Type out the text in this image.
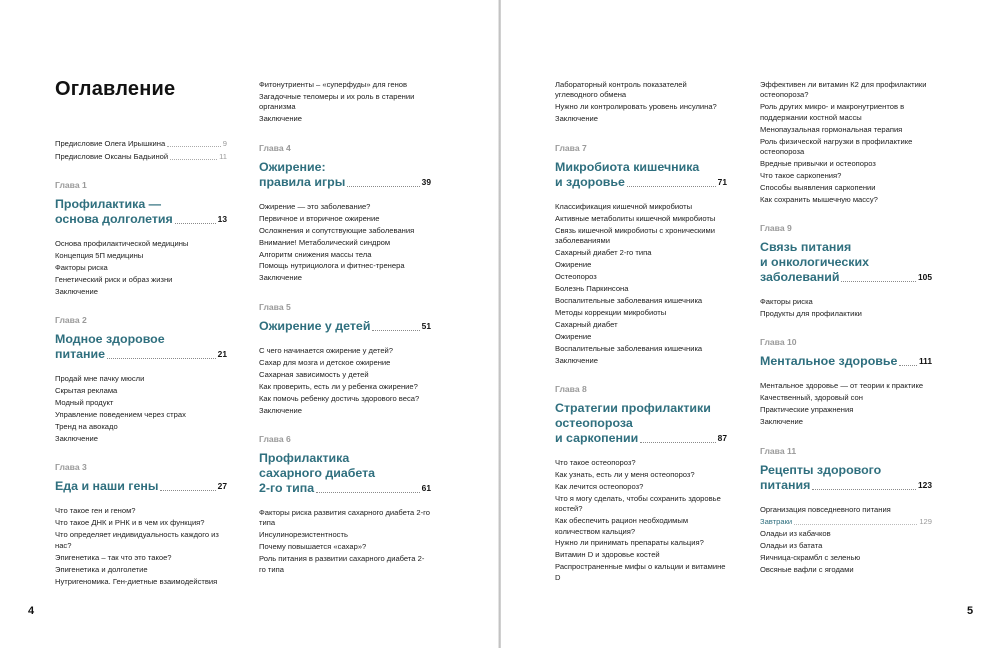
Оглавление
Предисловие Олега Ирышкина	9
Предисловие Оксаны Бадьиной	11
Глава 1
Профилактика —
основа долголетия	13
Основа профилактической медицины
Концепция 5П медицины
Факторы риска
Генетический риск и образ жизни
Заключение
Глава 2
Модное здоровое
питание	21
Продай мне пачку мюсли
Скрытая реклама
Модный продукт
Управление поведением через страх
Тренд на авокадо
Заключение
Глава 3
Еда и наши гены	27
Что такое ген и геном?
Что такое ДНК и РНК и в чем их функция?
Что определяет индивидуальность каждого из нас?
Эпигенетика – так что это такое?
Эпигенетика и долголетие
Нутригеномика. Ген-диетные взаимодействия
Фитонутриенты – «суперфуды» для генов
Загадочные теломеры и их роль в старении организма
Заключение
Глава 4
Ожирение:
правила игры	39
Ожирение — это заболевание?
Первичное и вторичное ожирение
Осложнения и сопутствующие заболевания
Внимание! Метаболический синдром
Алгоритм снижения массы тела
Помощь нутрициолога и фитнес-тренера
Заключение
Глава 5
Ожирение у детей	51
С чего начинается ожирение у детей?
Сахар для мозга и детское ожирение
Сахарная зависимость у детей
Как проверить, есть ли у ребенка ожирение?
Как помочь ребенку достичь здорового веса?
Заключение
Глава 6
Профилактика
сахарного диабета
2-го типа	61
Факторы риска развития сахарного диабета 2-го типа
Инсулинорезистентность
Почему повышается «сахар»?
Роль питания в развитии сахарного диабета 2-го типа
4
Лабораторный контроль показателей углеводного обмена
Нужно ли контролировать уровень инсулина?
Заключение
Глава 7
Микробиота кишечника
и здоровье	71
Классификация кишечной микробиоты
Активные метаболиты кишечной микробиоты
Связь кишечной микробиоты с хроническими заболеваниями
Сахарный диабет 2-го типа
Ожирение
Остеопороз
Болезнь Паркинсона
Воспалительные заболевания кишечника
Методы коррекции микробиоты
Сахарный диабет
Ожирение
Воспалительные заболевания кишечника
Заключение
Глава 8
Стратегии профилактики
остеопороза
и саркопении	87
Что такое остеопороз?
Как узнать, есть ли у меня остеопороз?
Как лечится остеопороз?
Что я могу сделать, чтобы сохранить здоровье костей?
Как обеспечить рацион необходимым количеством кальция?
Нужно ли принимать препараты кальция?
Витамин D и здоровье костей
Распространенные мифы о кальции и витамине D
Эффективен ли витамин К2 для профилактики остеопороза?
Роль других микро- и макронутриентов в поддержании костной массы
Менопаузальная гормональная терапия
Роль физической нагрузки в профилактике остеопороза
Вредные привычки и остеопороз
Что такое саркопения?
Способы выявления саркопении
Как сохранить мышечную массу?
Глава 9
Связь питания
и онкологических
заболеваний	105
Факторы риска
Продукты для профилактики
Глава 10
Ментальное здоровье	111
Ментальное здоровье — от теории к практике
Качественный, здоровый сон
Практические упражнения
Заключение
Глава 11
Рецепты здорового
питания	123
Организация повседневного питания
Завтраки	129
Оладьи из кабачков
Оладьи из батата
Яичница-скрамбл с зеленью
Овсяные вафли с ягодами
5
